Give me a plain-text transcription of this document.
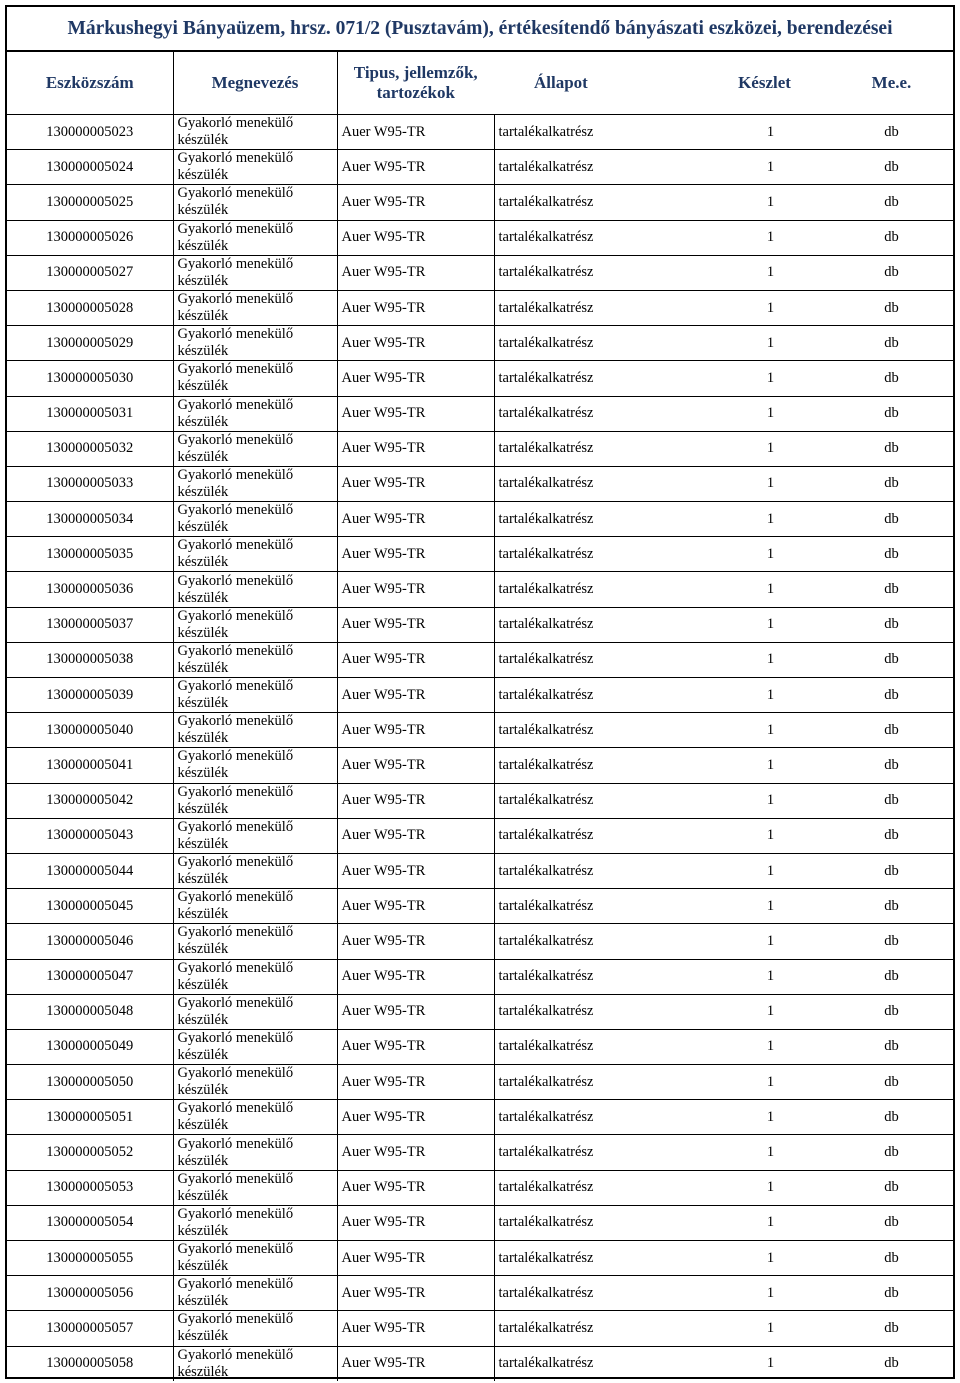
Márkushegyi Bányaüzem, hrsz. 071/2 (Pusztavám), értékesítendő bányászati eszközei, berendezései
Eszközszám	Megnevezés	Tipus, jellemzők, tartozékok	Állapot	Készlet	Me.e.
130000005023	Gyakorló menekülő készülék	Auer W95-TR	tartalékalkatrész	1	db
130000005024	Gyakorló menekülő készülék	Auer W95-TR	tartalékalkatrész	1	db
130000005025	Gyakorló menekülő készülék	Auer W95-TR	tartalékalkatrész	1	db
130000005026	Gyakorló menekülő készülék	Auer W95-TR	tartalékalkatrész	1	db
130000005027	Gyakorló menekülő készülék	Auer W95-TR	tartalékalkatrész	1	db
130000005028	Gyakorló menekülő készülék	Auer W95-TR	tartalékalkatrész	1	db
130000005029	Gyakorló menekülő készülék	Auer W95-TR	tartalékalkatrész	1	db
130000005030	Gyakorló menekülő készülék	Auer W95-TR	tartalékalkatrész	1	db
130000005031	Gyakorló menekülő készülék	Auer W95-TR	tartalékalkatrész	1	db
130000005032	Gyakorló menekülő készülék	Auer W95-TR	tartalékalkatrész	1	db
130000005033	Gyakorló menekülő készülék	Auer W95-TR	tartalékalkatrész	1	db
130000005034	Gyakorló menekülő készülék	Auer W95-TR	tartalékalkatrész	1	db
130000005035	Gyakorló menekülő készülék	Auer W95-TR	tartalékalkatrész	1	db
130000005036	Gyakorló menekülő készülék	Auer W95-TR	tartalékalkatrész	1	db
130000005037	Gyakorló menekülő készülék	Auer W95-TR	tartalékalkatrész	1	db
130000005038	Gyakorló menekülő készülék	Auer W95-TR	tartalékalkatrész	1	db
130000005039	Gyakorló menekülő készülék	Auer W95-TR	tartalékalkatrész	1	db
130000005040	Gyakorló menekülő készülék	Auer W95-TR	tartalékalkatrész	1	db
130000005041	Gyakorló menekülő készülék	Auer W95-TR	tartalékalkatrész	1	db
130000005042	Gyakorló menekülő készülék	Auer W95-TR	tartalékalkatrész	1	db
130000005043	Gyakorló menekülő készülék	Auer W95-TR	tartalékalkatrész	1	db
130000005044	Gyakorló menekülő készülék	Auer W95-TR	tartalékalkatrész	1	db
130000005045	Gyakorló menekülő készülék	Auer W95-TR	tartalékalkatrész	1	db
130000005046	Gyakorló menekülő készülék	Auer W95-TR	tartalékalkatrész	1	db
130000005047	Gyakorló menekülő készülék	Auer W95-TR	tartalékalkatrész	1	db
130000005048	Gyakorló menekülő készülék	Auer W95-TR	tartalékalkatrész	1	db
130000005049	Gyakorló menekülő készülék	Auer W95-TR	tartalékalkatrész	1	db
130000005050	Gyakorló menekülő készülék	Auer W95-TR	tartalékalkatrész	1	db
130000005051	Gyakorló menekülő készülék	Auer W95-TR	tartalékalkatrész	1	db
130000005052	Gyakorló menekülő készülék	Auer W95-TR	tartalékalkatrész	1	db
130000005053	Gyakorló menekülő készülék	Auer W95-TR	tartalékalkatrész	1	db
130000005054	Gyakorló menekülő készülék	Auer W95-TR	tartalékalkatrész	1	db
130000005055	Gyakorló menekülő készülék	Auer W95-TR	tartalékalkatrész	1	db
130000005056	Gyakorló menekülő készülék	Auer W95-TR	tartalékalkatrész	1	db
130000005057	Gyakorló menekülő készülék	Auer W95-TR	tartalékalkatrész	1	db
130000005058	Gyakorló menekülő készülék	Auer W95-TR	tartalékalkatrész	1	db
